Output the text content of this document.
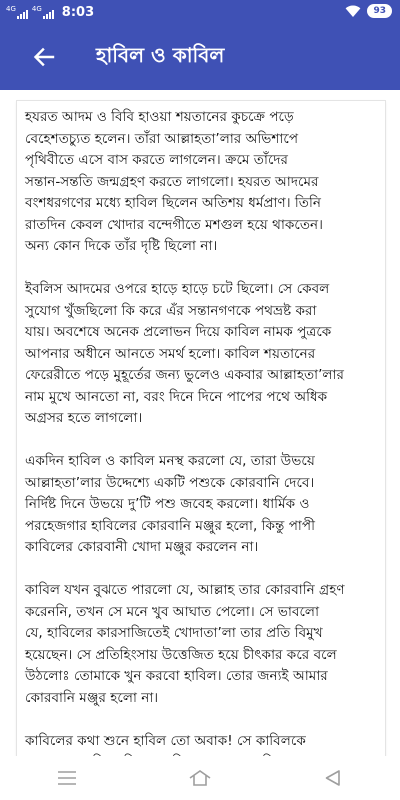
4G 4G 8:03	93
হাবিল ও কাবিল

হযরত আদম ও বিবি হাওয়া শয়তানের কুচক্রে পড়ে
বেহেশতচ্যুত হলেন। তাঁরা আল্লাহতা’লার অভিশাপে
পৃথিবীতে এসে বাস করতে লাগলেন। ক্রমে তাঁদের
সন্তান-সন্ততি জন্মগ্রহণ করতে লাগলো। হযরত আদমের
বংশধরগণের মধ্যে হাবিল ছিলেন অতিশয় ধর্মপ্রাণ। তিনি
রাতদিন কেবল খোদার বন্দেগীতে মশগুল হয়ে থাকতেন।
অন্য কোন দিকে তাঁর দৃষ্টি ছিলো না।

ইবলিস আদমের ওপরে হাড়ে হাড়ে চটে ছিলো। সে কেবল
সুযোগ খুঁজছিলো কি করে এঁর সন্তানগণকে পথভ্রষ্ট করা
যায়। অবশেষে অনেক প্রলোভন দিয়ে কাবিল নামক পুত্রকে
আপনার অধীনে আনতে সমর্থ হলো। কাবিল শয়তানের
ফেরেরীতে পড়ে মুহূর্তের জন্য ভুলেও একবার আল্লাহতা’লার
নাম মুখে আনতো না, বরং দিনে দিনে পাপের পথে অধিক
অগ্রসর হতে লাগলো।

একদিন হাবিল ও কাবিল মনস্থ করলো যে, তারা উভয়ে
আল্লাহতা’লার উদ্দেশ্যে একটি পশুকে কোরবানি দেবে।
নির্দিষ্ট দিনে উভয়ে দু’টি পশু জবেহ করলো। ধার্মিক ও
পরহেজগার হাবিলের কোরবানি মঞ্জুর হলো, কিন্তু পাপী
কাবিলের কোরবানী খোদা মঞ্জুর করলেন না।

কাবিল যখন বুঝতে পারলো যে, আল্লাহ তার কোরবানি গ্রহণ
করেননি, তখন সে মনে খুব আঘাত পেলো। সে ভাবলো
যে, হাবিলের কারসাজিতেই খোদাতা’লা তার প্রতি বিমুখ
হয়েছেন। সে প্রতিহিংসায় উত্তেজিত হয়ে চীৎকার করে বলে
উঠলোঃ তোমাকে খুন করবো হাবিল। তোর জন্যই আমার
কোরবানি মঞ্জুর হলো না।

কাবিলের কথা শুনে হাবিল তো অবাক! সে কাবিলকে
